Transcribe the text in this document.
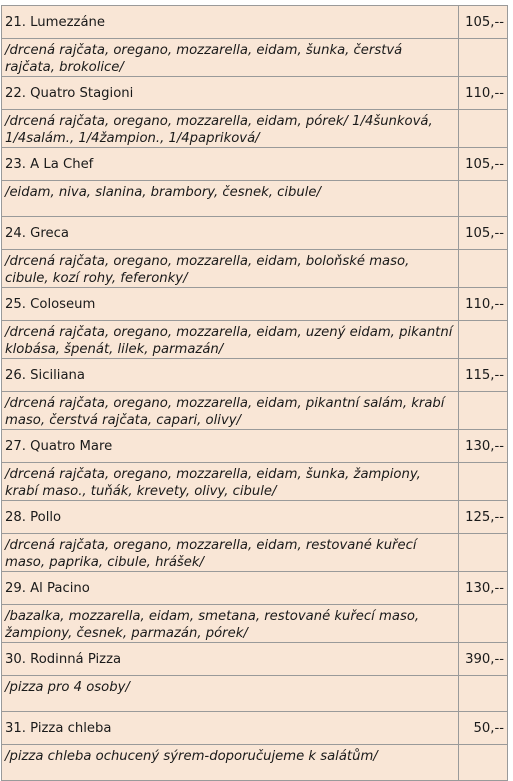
21. Lumezzáne	105,--
/drcená rajčata, oregano, mozzarella, eidam, šunka, čerstvá rajčata, brokolice/	
22. Quatro Stagioni	110,--
/drcená rajčata, oregano, mozzarella, eidam, pórek/ 1/4šunková, 1/4salám., 1/4žampion., 1/4papriková/	
23. A La Chef	105,--
/eidam, niva, slanina, brambory, česnek, cibule/	
24. Greca	105,--
/drcená rajčata, oregano, mozzarella, eidam, boloňské maso, cibule, kozí rohy, feferonky/	
25. Coloseum	110,--
/drcená rajčata, oregano, mozzarella, eidam, uzený eidam, pikantní klobása, špenát, lilek, parmazán/	
26. Siciliana	115,--
/drcená rajčata, oregano, mozzarella, eidam, pikantní salám, krabí maso, čerstvá rajčata, capari, olivy/	
27. Quatro Mare	130,--
/drcená rajčata, oregano, mozzarella, eidam, šunka, žampiony, krabí maso., tuňák, krevety, olivy, cibule/	
28. Pollo	125,--
/drcená rajčata, oregano, mozzarella, eidam, restované kuřecí maso, paprika, cibule, hrášek/	
29. Al Pacino	130,--
/bazalka, mozzarella, eidam, smetana, restované kuřecí maso, žampiony, česnek, parmazán, pórek/	
30. Rodinná Pizza	390,--
/pizza pro 4 osoby/	
31. Pizza chleba	50,--
/pizza chleba ochucený sýrem-doporučujeme k salátům/	
